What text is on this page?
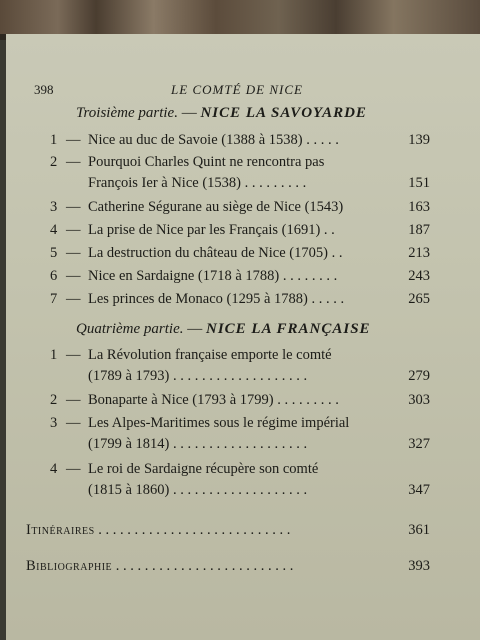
398	LE COMTÉ DE NICE
Troisième partie. — NICE LA SAVOYARDE
1 — Nice au duc de Savoie (1388 à 1538) . . . . .	139
2 — Pourquoi Charles Quint ne rencontra pas
François Ier à Nice (1538) . . . . . . . . .	151
3 — Catherine Ségurane au siège de Nice (1543)	163
4 — La prise de Nice par les Français (1691) . .	187
5 — La destruction du château de Nice (1705) . .	213
6 — Nice en Sardaigne (1718 à 1788) . . . . . . . .	243
7 — Les princes de Monaco (1295 à 1788) . . . . .	265
Quatrième partie. — NICE LA FRANÇAISE
1 — La Révolution française emporte le comté
(1789 à 1793) . . . . . . . . . . . . . . . . . . .	279
2 — Bonaparte à Nice (1793 à 1799) . . . . . . . . .	303
3 — Les Alpes-Maritimes sous le régime impérial
(1799 à 1814) . . . . . . . . . . . . . . . . . . .	327
4 — Le roi de Sardaigne récupère son comté
(1815 à 1860) . . . . . . . . . . . . . . . . . . .	347
Itinéraires . . . . . . . . . . . . . . . . . . . . . . . . . . .	361
Bibliographie . . . . . . . . . . . . . . . . . . . . . . . . .	393
